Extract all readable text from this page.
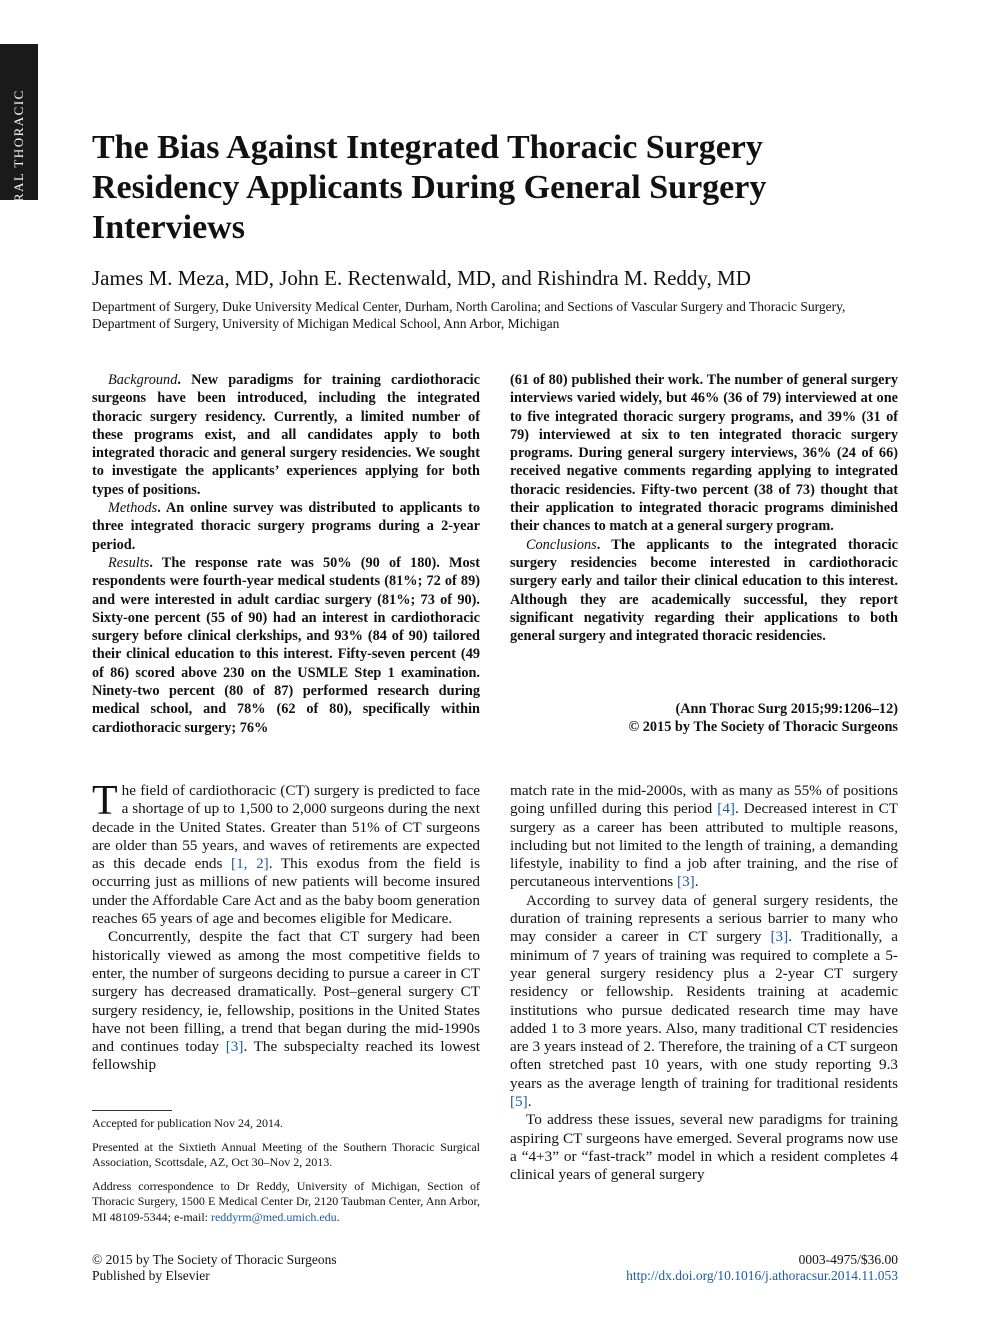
GENERAL THORACIC The Bias Against Integrated Thoracic Surgery Residency Applicants During General Surgery Interviews
James M. Meza, MD, John E. Rectenwald, MD, and Rishindra M. Reddy, MD
Department of Surgery, Duke University Medical Center, Durham, North Carolina; and Sections of Vascular Surgery and Thoracic Surgery, Department of Surgery, University of Michigan Medical School, Ann Arbor, Michigan

Background. New paradigms for training cardiothoracic surgeons have been introduced, including the integrated thoracic surgery residency. Currently, a limited number of these programs exist, and all candidates apply to both integrated thoracic and general surgery residencies. We sought to investigate the applicants’ experiences applying for both types of positions.

Methods. An online survey was distributed to applicants to three integrated thoracic surgery programs during a 2-year period.

Results. The response rate was 50% (90 of 180). Most respondents were fourth-year medical students (81%; 72 of 89) and were interested in adult cardiac surgery (81%; 73 of 90). Sixty-one percent (55 of 90) had an interest in cardiothoracic surgery before clinical clerkships, and 93% (84 of 90) tailored their clinical education to this interest. Fifty-seven percent (49 of 86) scored above 230 on the USMLE Step 1 examination. Ninety-two percent (80 of 87) performed research during medical school, and 78% (62 of 80), specifically within cardiothoracic surgery; 76%

(61 of 80) published their work. The number of general surgery interviews varied widely, but 46% (36 of 79) interviewed at one to five integrated thoracic surgery programs, and 39% (31 of 79) interviewed at six to ten integrated thoracic surgery programs. During general surgery interviews, 36% (24 of 66) received negative comments regarding applying to integrated thoracic residencies. Fifty-two percent (38 of 73) thought that their application to integrated thoracic programs diminished their chances to match at a general surgery program.

Conclusions. The applicants to the integrated thoracic surgery residencies become interested in cardiothoracic surgery early and tailor their clinical education to this interest. Although they are academically successful, they report significant negativity regarding their applications to both general surgery and integrated thoracic residencies.

(Ann Thorac Surg 2015;99:1206–12)
© 2015 by The Society of Thoracic Surgeons

The field of cardiothoracic (CT) surgery is predicted to face a shortage of up to 1,500 to 2,000 surgeons during the next decade in the United States. Greater than 51% of CT surgeons are older than 55 years, and waves of retirements are expected as this decade ends [1, 2]. This exodus from the field is occurring just as millions of new patients will become insured under the Affordable Care Act and as the baby boom generation reaches 65 years of age and becomes eligible for Medicare.

Concurrently, despite the fact that CT surgery had been historically viewed as among the most competitive fields to enter, the number of surgeons deciding to pursue a career in CT surgery has decreased dramatically. Post–general surgery CT surgery residency, ie, fellowship, positions in the United States have not been filling, a trend that began during the mid-1990s and continues today [3]. The subspecialty reached its lowest fellowship

match rate in the mid-2000s, with as many as 55% of positions going unfilled during this period [4]. Decreased interest in CT surgery as a career has been attributed to multiple reasons, including but not limited to the length of training, a demanding lifestyle, inability to find a job after training, and the rise of percutaneous interventions [3].

According to survey data of general surgery residents, the duration of training represents a serious barrier to many who may consider a career in CT surgery [3]. Traditionally, a minimum of 7 years of training was required to complete a 5-year general surgery residency plus a 2-year CT surgery residency or fellowship. Residents training at academic institutions who pursue dedicated research time may have added 1 to 3 more years. Also, many traditional CT residencies are 3 years instead of 2. Therefore, the training of a CT surgeon often stretched past 10 years, with one study reporting 9.3 years as the average length of training for traditional residents [5].

To address these issues, several new paradigms for training aspiring CT surgeons have emerged. Several programs now use a “4+3” or “fast-track” model in which a resident completes 4 clinical years of general surgery

Accepted for publication Nov 24, 2014.

Presented at the Sixtieth Annual Meeting of the Southern Thoracic Surgical Association, Scottsdale, AZ, Oct 30–Nov 2, 2013.

Address correspondence to Dr Reddy, University of Michigan, Section of Thoracic Surgery, 1500 E Medical Center Dr, 2120 Taubman Center, Ann Arbor, MI 48109-5344; e-mail: reddyrm@med.umich.edu.

© 2015 by The Society of Thoracic Surgeons
Published by Elsevier
0003-4975/$36.00
http://dx.doi.org/10.1016/j.athoracsur.2014.11.053
